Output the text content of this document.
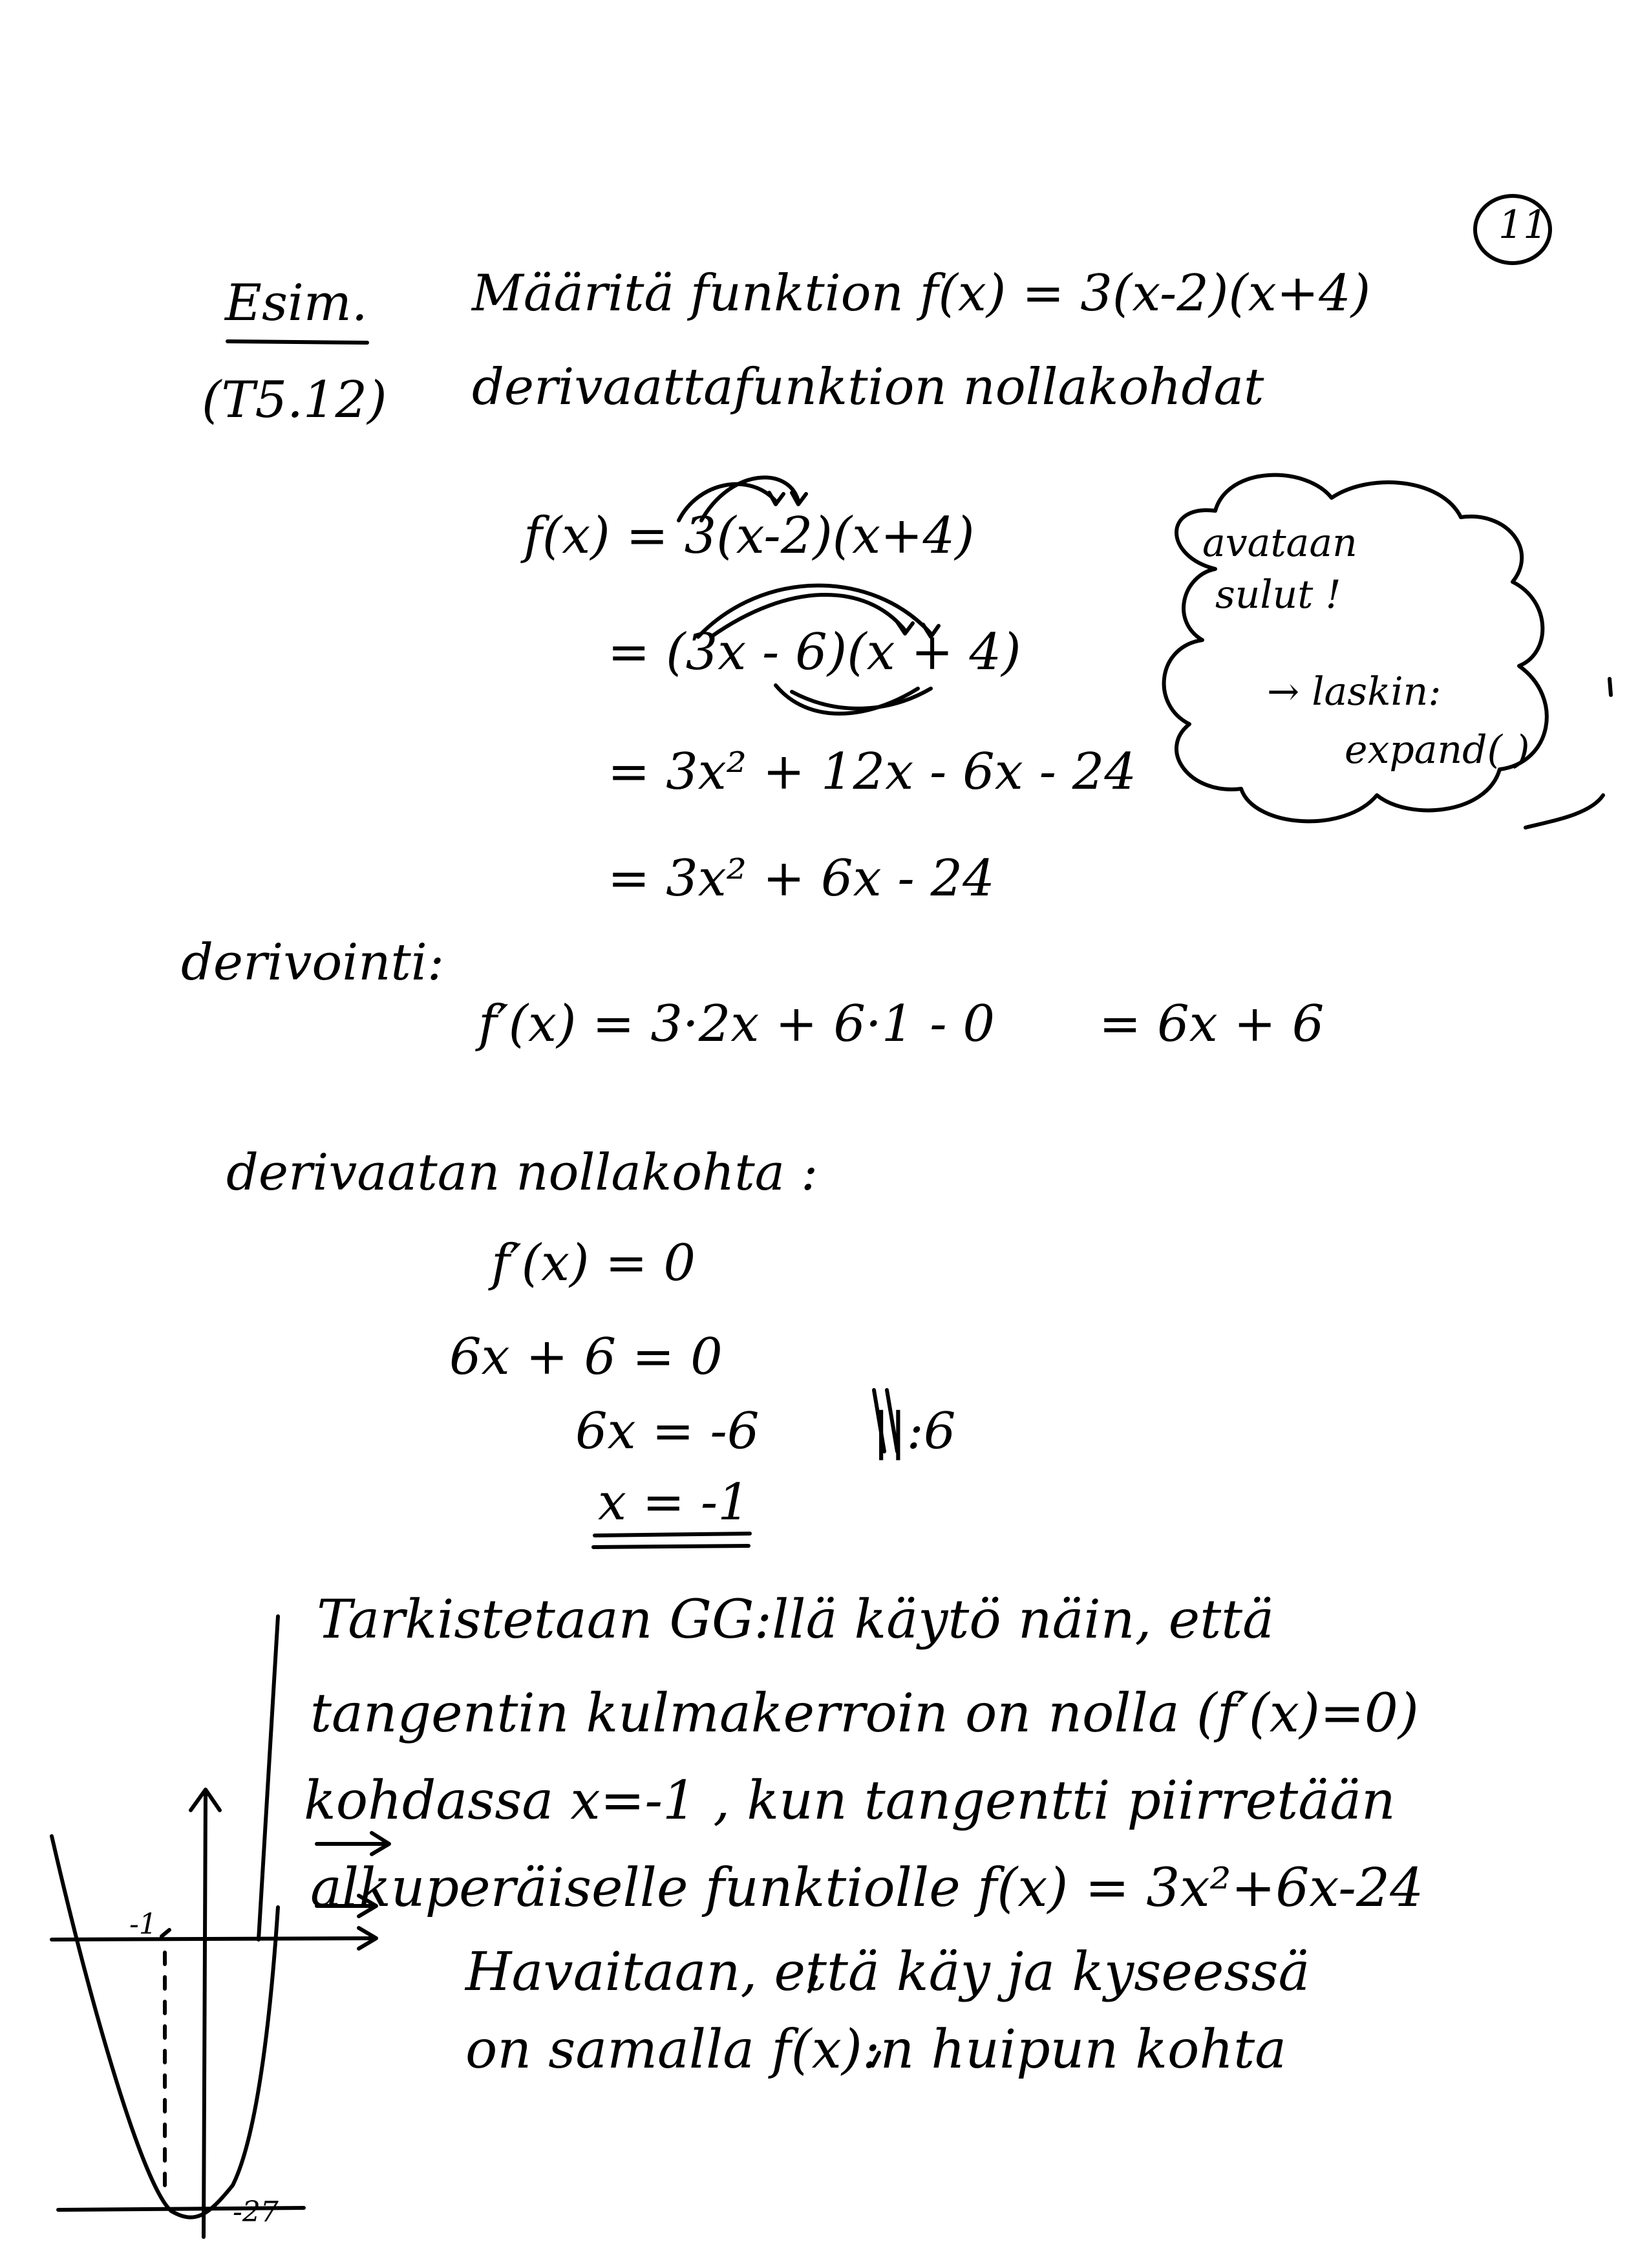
11
Esim.
(T5.12)
Määritä funktion f(x) = 3(x-2)(x+4)
derivaattafunktion nollakohdat
f(x) = 3(x-2)(x+4)
= (3x - 6)(x + 4)
= 3x² + 12x - 6x - 24
= 3x² + 6x - 24
avataan
sulut !
→ laskin:
expand( )
derivointi:
f′(x) = 3·2x + 6·1 - 0 = 6x + 6
derivaatan nollakohta :
f′(x) = 0
6x + 6 = 0
6x = -6 ||:6
x = -1
Tarkistetaan GG:llä käytö näin, että
tangentin kulmakerroin on nolla (f′(x)=0)
kohdassa x=-1 , kun tangentti piirretään
alkuperäiselle funktiolle f(x) = 3x²+6x-24
Havaitaan, että käy ja kyseessä
on samalla f(x):n huipun kohta
-1
-27
